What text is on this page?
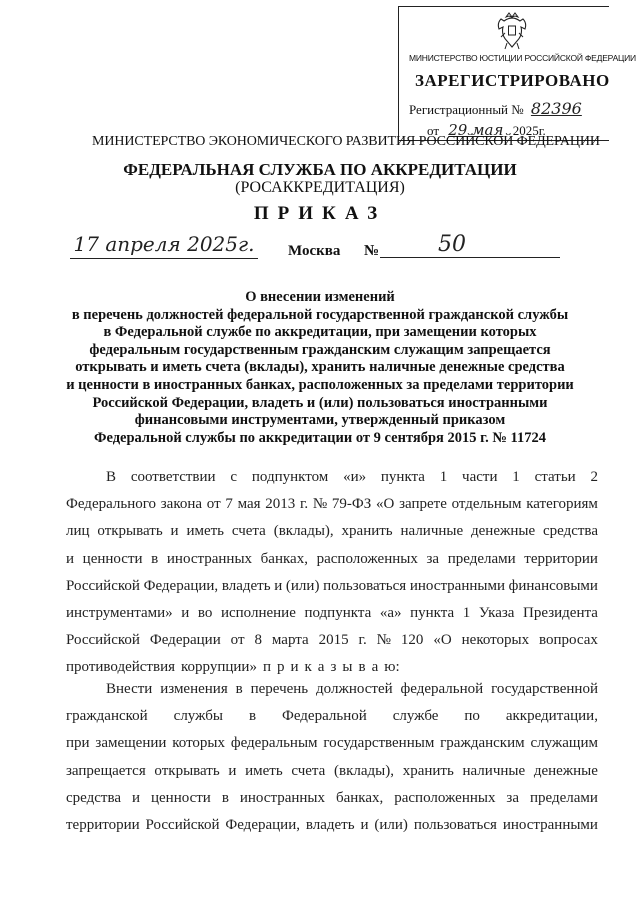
МИНИСТЕРСТВО ЮСТИЦИИ РОССИЙСКОЙ ФЕДЕРАЦИИ
ЗАРЕГИСТРИРОВАНО
Регистрационный № 82396
от 29 мая 2025г.
МИНИСТЕРСТВО ЭКОНОМИЧЕСКОГО РАЗВИТИЯ РОССИЙСКОЙ ФЕДЕРАЦИИ
ФЕДЕРАЛЬНАЯ СЛУЖБА ПО АККРЕДИТАЦИИ
(РОСАККРЕДИТАЦИЯ)
ПРИКАЗ
17 апреля 2025г. Москва №	50
О внесении изменений
в перечень должностей федеральной государственной гражданской службы
в Федеральной службе по аккредитации, при замещении которых
федеральным государственным гражданским служащим запрещается
открывать и иметь счета (вклады), хранить наличные денежные средства
и ценности в иностранных банках, расположенных за пределами территории
Российской Федерации, владеть и (или) пользоваться иностранными
финансовыми инструментами, утвержденный приказом
Федеральной службы по аккредитации от 9 сентября 2015 г. № 11724
В соответствии с подпунктом «и» пункта 1 части 1 статьи 2
Федерального закона от 7 мая 2013 г. № 79-ФЗ «О запрете отдельным категориям
лиц открывать и иметь счета (вклады), хранить наличные денежные средства
и ценности в иностранных банках, расположенных за пределами территории
Российской Федерации, владеть и (или) пользоваться иностранными финансовыми
инструментами» и во исполнение подпункта «а» пункта 1 Указа Президента
Российской Федерации от 8 марта 2015 г. № 120 «О некоторых вопросах
противодействия коррупции» п р и к а з ы в а ю:
Внести изменения в перечень должностей федеральной государственной
гражданской службы в Федеральной службе по аккредитации,
при замещении которых федеральным государственным гражданским служащим
запрещается открывать и иметь счета (вклады), хранить наличные денежные
средства и ценности в иностранных банках, расположенных за пределами
территории Российской Федерации, владеть и (или) пользоваться иностранными
